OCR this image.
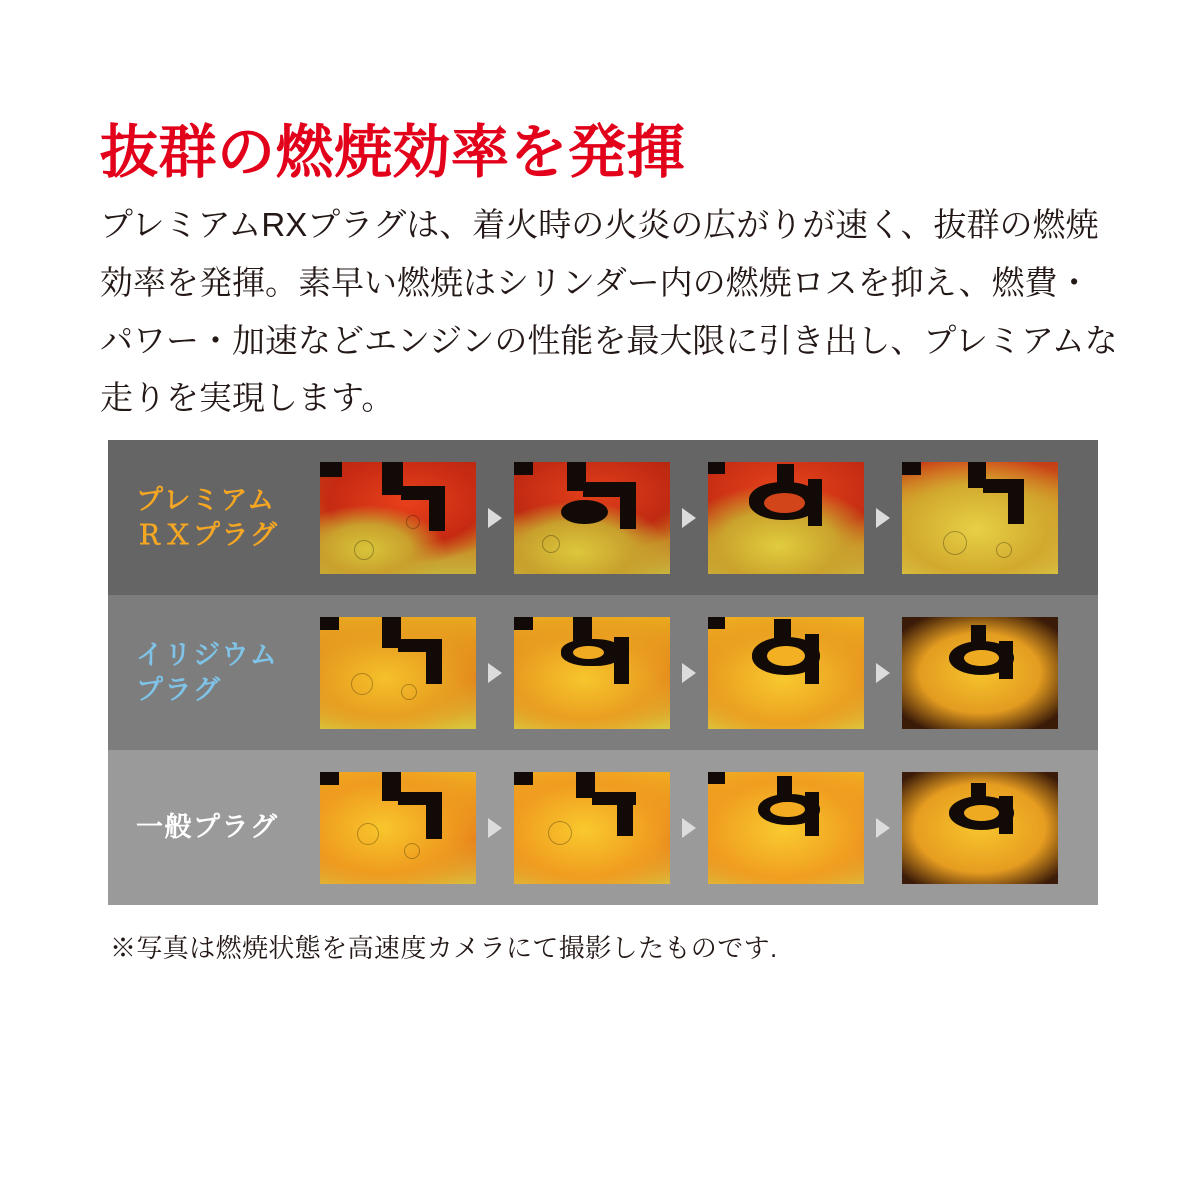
抜群の燃焼効率を発揮

プレミアムRXプラグは、着火時の火炎の広がりが速く、抜群の燃焼効率を発揮。素早い燃焼はシリンダー内の燃焼ロスを抑え、燃費・パワー・加速などエンジンの性能を最大限に引き出し、プレミアムな走りを実現します。

プレミアム
ＲＸプラグ
イリジウム
プラグ
一般プラグ
※写真は燃焼状態を高速度カメラにて撮影したものです.
